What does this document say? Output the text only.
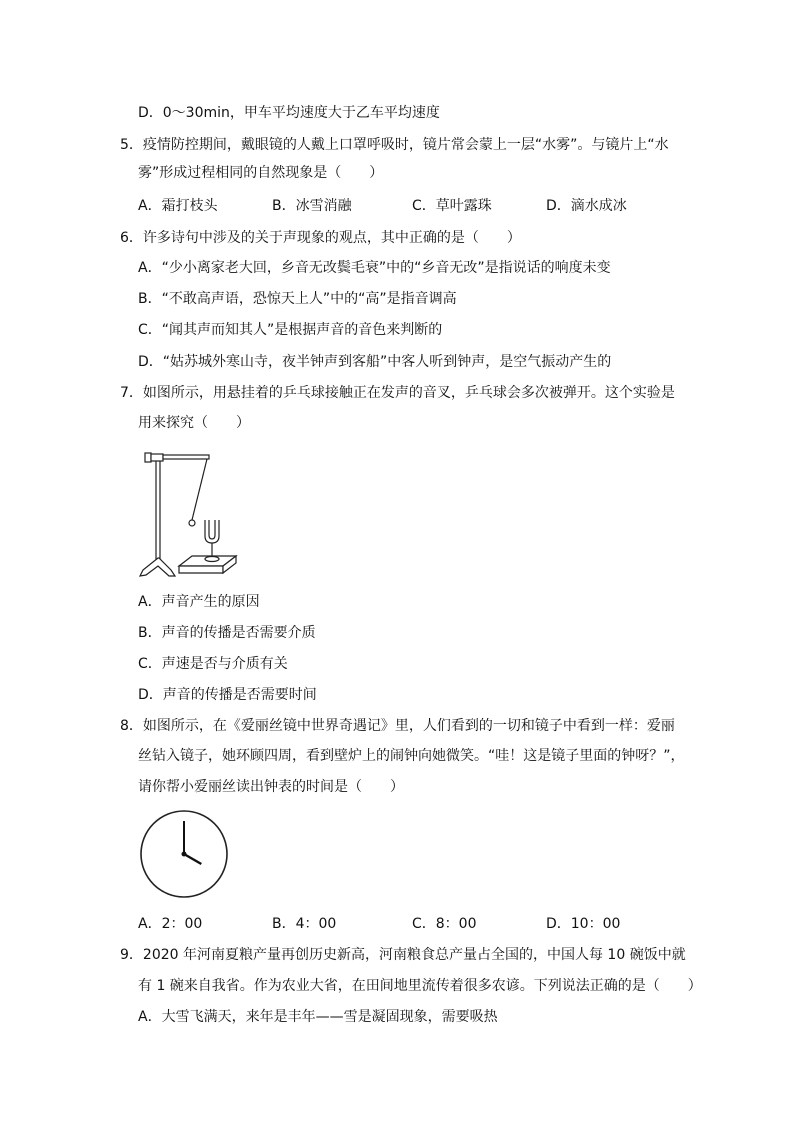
D．0～30min，甲车平均速度大于乙车平均速度
5．疫情防控期间，戴眼镜的人戴上口罩呼吸时，镜片常会蒙上一层“水雾”。与镜片上“水
雾”形成过程相同的自然现象是（　　）
A．霜打枝头	B．冰雪消融	C．草叶露珠	D．滴水成冰
6．许多诗句中涉及的关于声现象的观点，其中正确的是（　　）
A．“少小离家老大回，乡音无改鬓毛衰”中的“乡音无改”是指说话的响度未变
B．“不敢高声语，恐惊天上人”中的“高”是指音调高
C．“闻其声而知其人”是根据声音的音色来判断的
D．“姑苏城外寒山寺，夜半钟声到客船”中客人听到钟声，是空气振动产生的
7．如图所示，用悬挂着的乒乓球接触正在发声的音叉，乒乓球会多次被弹开。这个实验是
用来探究（　　）
A．声音产生的原因
B．声音的传播是否需要介质
C．声速是否与介质有关
D．声音的传播是否需要时间
8．如图所示，在《爱丽丝镜中世界奇遇记》里，人们看到的一切和镜子中看到一样：爱丽
丝钻入镜子，她环顾四周，看到壁炉上的闹钟向她微笑。“哇！这是镜子里面的钟呀？”，
请你帮小爱丽丝读出钟表的时间是（　　）
A．2：00	B．4：00	C．8：00	D．10：00
9．2020 年河南夏粮产量再创历史新高，河南粮食总产量占全国的，中国人每 10 碗饭中就
有 1 碗来自我省。作为农业大省，在田间地里流传着很多农谚。下列说法正确的是（　　）
A．大雪飞满天，来年是丰年——雪是凝固现象，需要吸热
